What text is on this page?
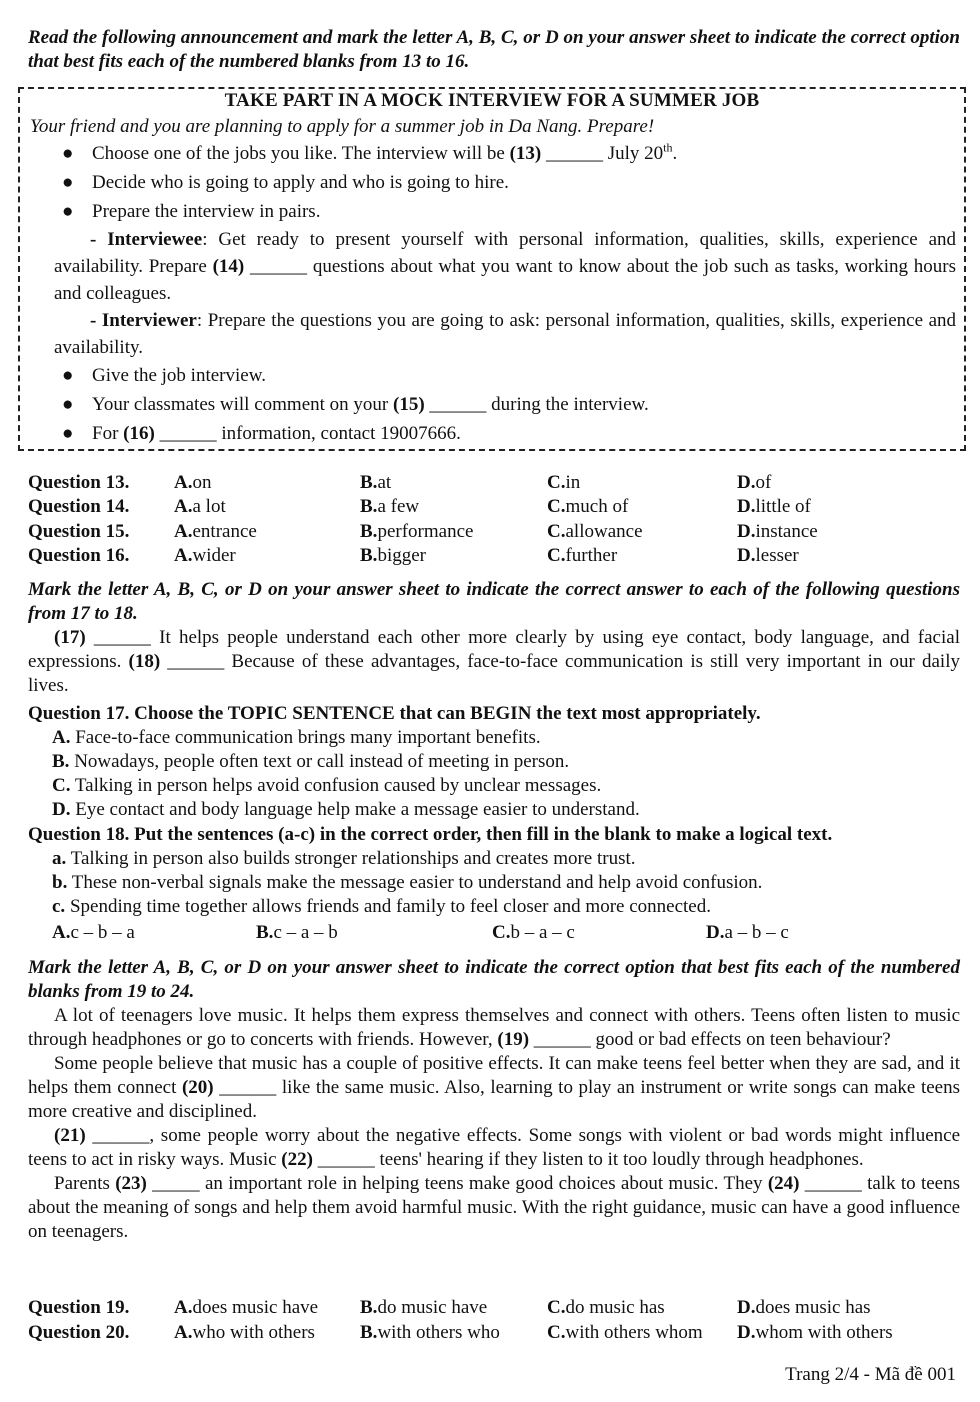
Read the following announcement and mark the letter A, B, C, or D on your answer sheet to indicate the correct option that best fits each of the numbered blanks from 13 to 16.

TAKE PART IN A MOCK INTERVIEW FOR A SUMMER JOB
Your friend and you are planning to apply for a summer job in Da Nang. Prepare!
● Choose one of the jobs you like. The interview will be (13) ______ July 20th.
● Decide who is going to apply and who is going to hire.
● Prepare the interview in pairs.
- Interviewee: Get ready to present yourself with personal information, qualities, skills, experience and availability. Prepare (14) ______ questions about what you want to know about the job such as tasks, working hours and colleagues.
- Interviewer: Prepare the questions you are going to ask: personal information, qualities, skills, experience and availability.
● Give the job interview.
● Your classmates will comment on your (15) ______ during the interview.
● For (16) ______ information, contact 19007666.
Question 13. A. on	B. at	C. in	D. of
Question 14. A. a lot	B. a few	C. much of	D. little of
Question 15. A. entrance	B. performance	C. allowance	D. instance
Question 16. A. wider	B. bigger	C. further	D. lesser

Mark the letter A, B, C, or D on your answer sheet to indicate the correct answer to each of the following questions from 17 to 18.

(17) ______ It helps people understand each other more clearly by using eye contact, body language, and facial expressions. (18) ______ Because of these advantages, face-to-face communication is still very important in our daily lives.

Question 17. Choose the TOPIC SENTENCE that can BEGIN the text most appropriately.

A. Face-to-face communication brings many important benefits.

B. Nowadays, people often text or call instead of meeting in person.

C. Talking in person helps avoid confusion caused by unclear messages.

D. Eye contact and body language help make a message easier to understand.

Question 18. Put the sentences (a-c) in the correct order, then fill in the blank to make a logical text.

a. Talking in person also builds stronger relationships and creates more trust.

b. These non-verbal signals make the message easier to understand and help avoid confusion.

c. Spending time together allows friends and family to feel closer and more connected.

A. c – b – a	B. c – a – b	C. b – a – c	D. a – b – c

Mark the letter A, B, C, or D on your answer sheet to indicate the correct option that best fits each of the numbered blanks from 19 to 24.

A lot of teenagers love music. It helps them express themselves and connect with others. Teens often listen to music through headphones or go to concerts with friends. However, (19) ______ good or bad effects on teen behaviour?

Some people believe that music has a couple of positive effects. It can make teens feel better when they are sad, and it helps them connect (20) ______ like the same music. Also, learning to play an instrument or write songs can make teens more creative and disciplined.

(21) ______, some people worry about the negative effects. Some songs with violent or bad words might influence teens to act in risky ways. Music (22) ______ teens' hearing if they listen to it too loudly through headphones.

Parents (23) _____ an important role in helping teens make good choices about music. They (24) ______ talk to teens about the meaning of songs and help them avoid harmful music. With the right guidance, music can have a good influence on teenagers.

Question 19. A. does music have B. do music have	C. do music has	D. does music has
Question 20. A. who with others B. with others who C. with others whom D. whom with others
Trang 2/4 - Mã đề 001
